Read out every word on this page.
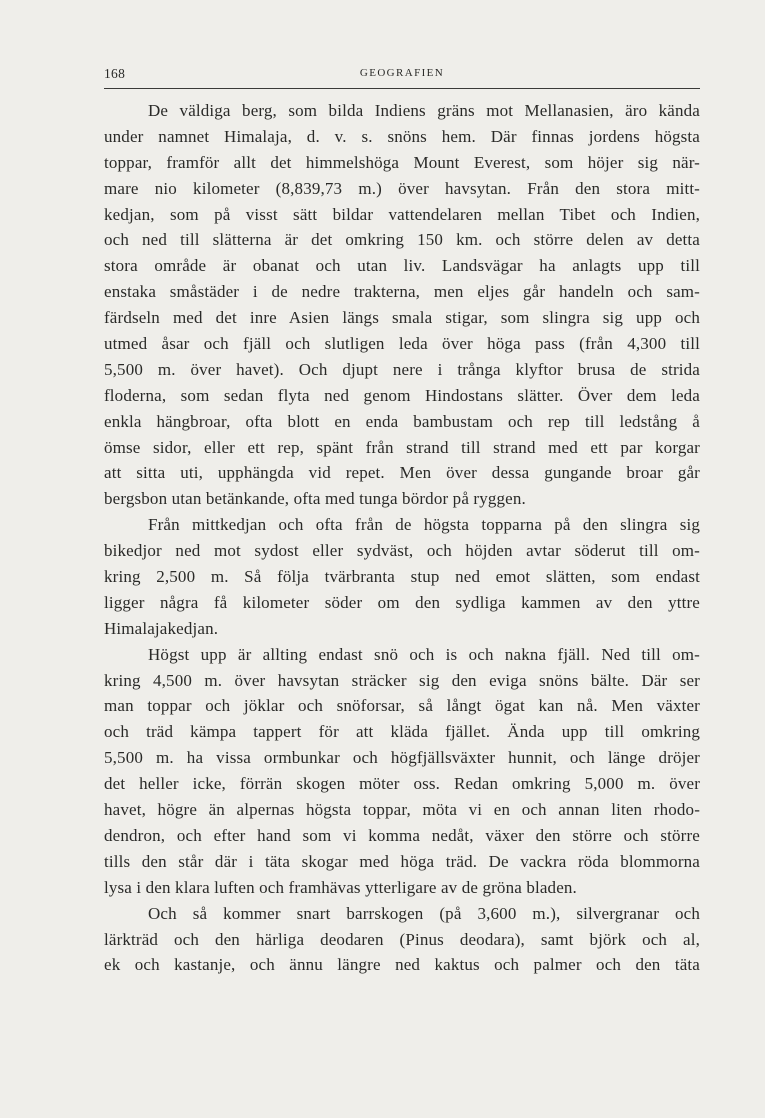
168	GEOGRAFIEN
De väldiga berg, som bilda Indiens gräns mot Mellanasien, äro kända
under namnet Himalaja, d. v. s. snöns hem. Där finnas jordens högsta
toppar, framför allt det himmelshöga Mount Everest, som höjer sig när-
mare nio kilometer (8,839,73 m.) över havsytan. Från den stora mitt-
kedjan, som på visst sätt bildar vattendelaren mellan Tibet och Indien,
och ned till slätterna är det omkring 150 km. och större delen av detta
stora område är obanat och utan liv. Landsvägar ha anlagts upp till
enstaka småstäder i de nedre trakterna, men eljes går handeln och sam-
färdseln med det inre Asien längs smala stigar, som slingra sig upp och
utmed åsar och fjäll och slutligen leda över höga pass (från 4,300 till
5,500 m. över havet). Och djupt nere i trånga klyftor brusa de strida
floderna, som sedan flyta ned genom Hindostans slätter. Över dem leda
enkla hängbroar, ofta blott en enda bambustam och rep till ledstång å
ömse sidor, eller ett rep, spänt från strand till strand med ett par korgar
att sitta uti, upphängda vid repet. Men över dessa gungande broar går
bergsbon utan betänkande, ofta med tunga bördor på ryggen.
Från mittkedjan och ofta från de högsta topparna på den slingra sig
bikedjor ned mot sydost eller sydväst, och höjden avtar söderut till om-
kring 2,500 m. Så följa tvärbranta stup ned emot slätten, som endast
ligger några få kilometer söder om den sydliga kammen av den yttre
Himalajakedjan.
Högst upp är allting endast snö och is och nakna fjäll. Ned till om-
kring 4,500 m. över havsytan sträcker sig den eviga snöns bälte. Där ser
man toppar och jöklar och snöforsar, så långt ögat kan nå. Men växter
och träd kämpa tappert för att kläda fjället. Ända upp till omkring
5,500 m. ha vissa ormbunkar och högfjällsväxter hunnit, och länge dröjer
det heller icke, förrän skogen möter oss. Redan omkring 5,000 m. över
havet, högre än alpernas högsta toppar, möta vi en och annan liten rhodo-
dendron, och efter hand som vi komma nedåt, växer den större och större
tills den står där i täta skogar med höga träd. De vackra röda blommorna
lysa i den klara luften och framhävas ytterligare av de gröna bladen.
Och så kommer snart barrskogen (på 3,600 m.), silvergranar och
lärkträd och den härliga deodaren (Pinus deodara), samt björk och al,
ek och kastanje, och ännu längre ned kaktus och palmer och den täta
